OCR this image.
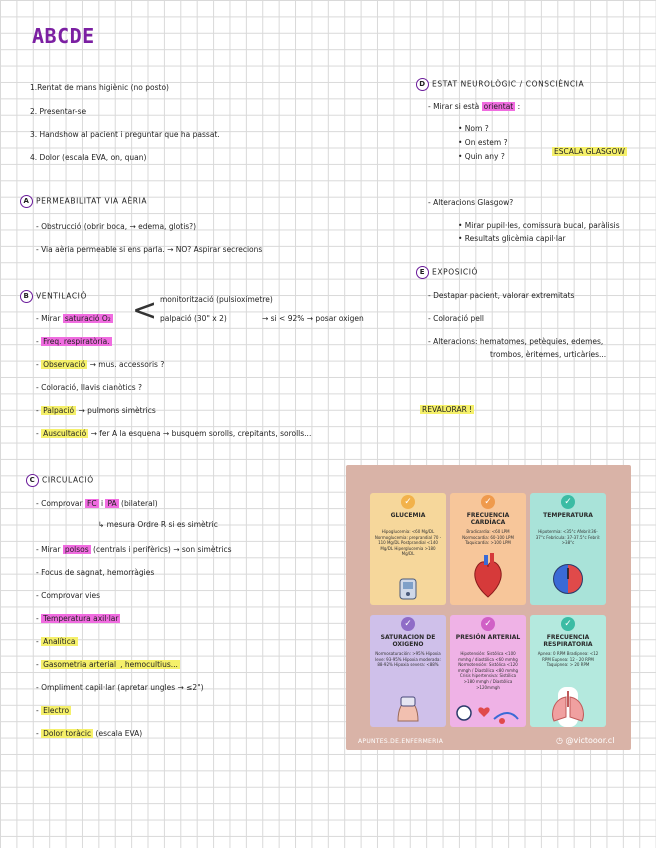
ABCDE
1.Rentat de mans higiènic (no posto)
2. Presentar-se
3. Handshow al pacient i preguntar que ha passat.
4. Dolor (escala EVA, on, quan)
A PERMEABILITAT VIA AÈRIA
- Obstrucció (obrir boca, → edema, glotis?)
- Via aèria permeable si ens parla. → NO? Aspirar secrecions
B VENTILACIÓ
- Mirar saturació O₂ < monitorització (pulsioxímetre)
palpació (30" x 2)	→ si < 92% → posar oxigen
- Freq. respiratòria.
- Observació → mus. accessoris ?
- Coloració, llavis cianòtics ?
- Palpació → pulmons simètrics
- Auscultació → fer A la esquena → busquem sorolls, crepitants, sorolls...
C CIRCULACIÓ
- Comprovar FC i PA (bilateral)
↳ mesura Ordre R si es simètric
- Mirar polsos (centrals i perifèrics) → son simètrics
- Focus de sagnat, hemorràgies
- Comprovar vies
- Temperatura axil·lar
- Analítica
- Gasometria arterial , hemocultius...
- Ompliment capil·lar (apretar ungles → ≤2")
- Electro
- Dolor toràcic (escala EVA)
D ESTAT NEUROLÒGIC / CONSCIÈNCIA
- Mirar si està orientat :
• Nom ?
• On estem ?
• Quin any ?
ESCALA GLASGOW
- Alteracions Glasgow?
• Mirar pupil·les, comissura bucal, paràlisis
• Resultats glicèmia capil·lar
E EXPOSICIÓ
- Destapar pacient, valorar extremitats
- Coloració pell
- Alteracions: hematomes, petèquies, edemes,
trombos, èritemes, urticàries...
REVALORAR !
GLUCEMIA
Hipoglucemia: <60 Mg/DL Normoglucemia: preprandial 70 - 110 Mg/DL Postprandial <140 Mg/DL Hiperglucemia >180 Mg/DL
✓
FRECUENCIA CARDÍACA
Bradicardia: <60 LPM Normocardia: 60-100 LPM Taquicardia: >100 LPM
✓
TEMPERATURA
Hipotermia: <35°c Afebril:36-37°c Febrícula: 37-37.5°c Febril: >38°c
✓
SATURACION DE OXIGENO
Normosaturación: >95% Hipoxia leve: 93-95% Hipoxia moderada: 88-92% Hipoxia severa: <88%
✓
PRESIÓN ARTERIAL
Hipotensión: Sistólica <100 mmhg / diastólica <60 mmhg Normotensión: Sistólica <120 mmgh / Diastólica <80 mmhg Crisis hipertensiva: Sistólica >180 mmgh / Diastólica >120mmgh
✓
FRECUENCIA RESPIRATORIA
Apnea: 0 RPM Bradipnea: <12 RPM Eupnea: 12 - 20 RPM Taquipnea: > 20 RPM
✓
APUNTES.DE.ENFERMERIA	◷ @victooor.cl
